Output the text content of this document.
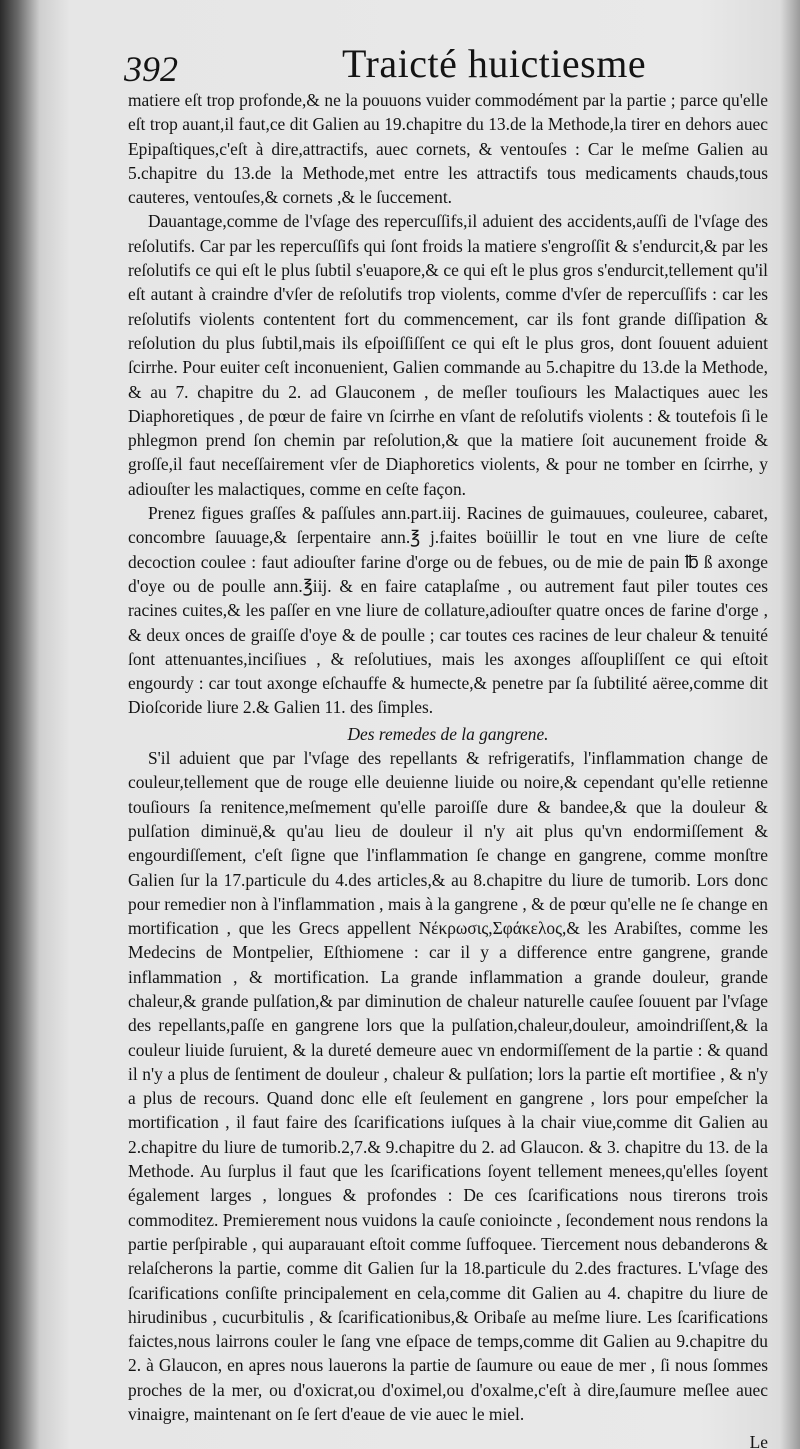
392	Traicté huictiesme

matiere eſt trop profonde,& ne la pouuons vuider commodément par la partie ; parce qu'elle eſt trop auant,il faut,ce dit Galien au 19.chapitre du 13.de la Methode,la tirer en dehors auec Epipaſtiques,c'eſt à dire,attractifs, auec cornets, & ventouſes : Car le meſme Galien au 5.chapitre du 13.de la Methode,met entre les attractifs tous medicaments chauds,tous cauteres, ventouſes,& cornets ,& le ſuccement.

Dauantage,comme de l'vſage des repercuſſifs,il aduient des accidents,auſſi de l'vſage des reſolutifs. Car par les repercuſſifs qui ſont froids la matiere s'engroſſit & s'endurcit,& par les reſolutifs ce qui eſt le plus ſubtil s'euapore,& ce qui eſt le plus gros s'endurcit,tellement qu'il eſt autant à craindre d'vſer de reſolutifs trop violents, comme d'vſer de repercuſſifs : car les reſolutifs violents contentent fort du commencement, car ils font grande diſſipation & reſolution du plus ſubtil,mais ils eſpoiſſiſſent ce qui eſt le plus gros, dont ſouuent aduient ſcirrhe. Pour euiter ceſt inconuenient, Galien commande au 5.chapitre du 13.de la Methode, & au 7. chapitre du 2. ad Glauconem , de meſler touſiours les Malactiques auec les Diaphoretiques , de pœur de faire vn ſcirrhe en vſant de reſolutifs violents : & toutefois ſi le phlegmon prend ſon chemin par reſolution,& que la matiere ſoit aucunement froide & groſſe,il faut neceſſairement vſer de Diaphoretics violents, & pour ne tomber en ſcirrhe, y adiouſter les malactiques, comme en ceſte façon.

Prenez figues graſſes & paſſules ann.part.iij. Racines de guimauues, couleuree, cabaret, concombre ſauuage,& ſerpentaire ann.℥ j.faites boüillir le tout en vne liure de ceſte decoction coulee : faut adiouſter farine d'orge ou de febues, ou de mie de pain ℔ ß axonge d'oye ou de poulle ann.℥iij. & en faire cataplaſme , ou autrement faut piler toutes ces racines cuites,& les paſſer en vne liure de collature,adiouſter quatre onces de farine d'orge , & deux onces de graiſſe d'oye & de poulle ; car toutes ces racines de leur chaleur & tenuité ſont attenuantes,inciſiues , & reſolutiues, mais les axonges aſſoupliſſent ce qui eſtoit engourdy : car tout axonge eſchauffe & humecte,& penetre par ſa ſubtilité aëree,comme dit Dioſcoride liure 2.& Galien 11. des ſimples.

Des remedes de la gangrene.

S'il aduient que par l'vſage des repellants & refrigeratifs, l'inflammation change de couleur,tellement que de rouge elle deuienne liuide ou noire,& cependant qu'elle retienne touſiours ſa renitence,meſmement qu'elle paroiſſe dure & bandee,& que la douleur & pulſation diminuë,& qu'au lieu de douleur il n'y ait plus qu'vn endormiſſement & engourdiſſement, c'eſt ſigne que l'inflammation ſe change en gangrene, comme monſtre Galien ſur la 17.particule du 4.des articles,& au 8.chapitre du liure de tumorib. Lors donc pour remedier non à l'inflammation , mais à la gangrene , & de pœur qu'elle ne ſe change en mortification , que les Grecs appellent Νέκρωσις,Σφάκελος,& les Arabiſtes, comme les Medecins de Montpelier, Eſthiomene : car il y a difference entre gangrene, grande inflammation , & mortification. La grande inflammation a grande douleur, grande chaleur,& grande pulſation,& par diminution de chaleur naturelle cauſee ſouuent par l'vſage des repellants,paſſe en gangrene lors que la pulſation,chaleur,douleur, amoindriſſent,& la couleur liuide ſuruient, & la dureté demeure auec vn endormiſſement de la partie : & quand il n'y a plus de ſentiment de douleur , chaleur & pulſation; lors la partie eſt mortifiee , & n'y a plus de recours. Quand donc elle eſt ſeulement en gangrene , lors pour empeſcher la mortification , il faut faire des ſcarifications iuſques à la chair viue,comme dit Galien au 2.chapitre du liure de tumorib.2,7.& 9.chapitre du 2. ad Glaucon. & 3. chapitre du 13. de la Methode. Au ſurplus il faut que les ſcarifications ſoyent tellement menees,qu'elles ſoyent également larges , longues & profondes : De ces ſcarifications nous tirerons trois commoditez. Premierement nous vuidons la cauſe conioincte , ſecondement nous rendons la partie perſpirable , qui auparauant eſtoit comme ſuffoquee. Tiercement nous debanderons & relaſcherons la partie, comme dit Galien ſur la 18.particule du 2.des fractures. L'vſage des ſcarifications conſiſte principalement en cela,comme dit Galien au 4. chapitre du liure de hirudinibus , cucurbitulis , & ſcarificationibus,& Oribaſe au meſme liure. Les ſcarifications faictes,nous lairrons couler le ſang vne eſpace de temps,comme dit Galien au 9.chapitre du 2. à Glaucon, en apres nous lauerons la partie de ſaumure ou eaue de mer , ſi nous ſommes proches de la mer, ou d'oxicrat,ou d'oximel,ou d'oxalme,c'eſt à dire,ſaumure meſlee auec vinaigre, maintenant on ſe ſert d'eaue de vie auec le miel.

Le
